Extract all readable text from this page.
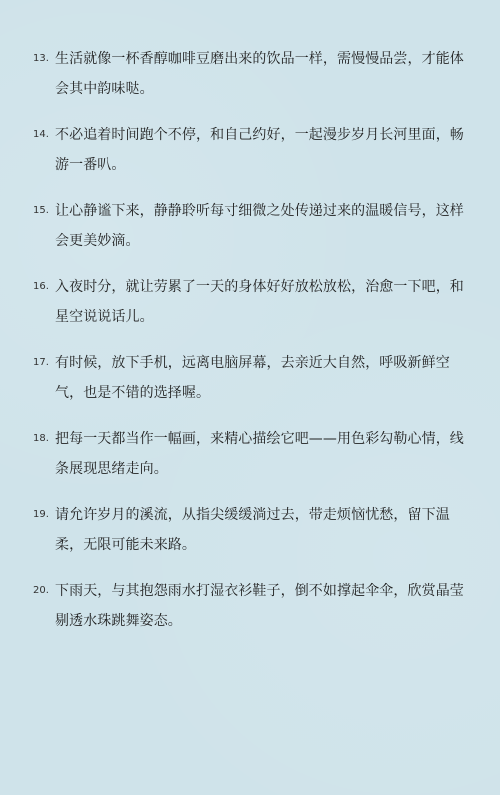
13. 生活就像一杯香醇咖啡豆磨出来的饮品一样，需慢慢品尝，才能体会其中韵味哒。
14. 不必追着时间跑个不停，和自己约好，一起漫步岁月长河里面，畅游一番叭。
15. 让心静谧下来，静静聆听每寸细微之处传递过来的温暖信号，这样会更美妙滴。
16. 入夜时分，就让劳累了一天的身体好好放松放松，治愈一下吧，和星空说说话儿。
17. 有时候，放下手机，远离电脑屏幕，去亲近大自然，呼吸新鲜空气，也是不错的选择喔。
18. 把每一天都当作一幅画，来精心描绘它吧——用色彩勾勒心情，线条展现思绪走向。
19. 请允许岁月的溪流，从指尖缓缓淌过去，带走烦恼忧愁，留下温柔，无限可能未来路。
20. 下雨天，与其抱怨雨水打湿衣衫鞋子，倒不如撑起伞伞，欣赏晶莹剔透水珠跳舞姿态。
